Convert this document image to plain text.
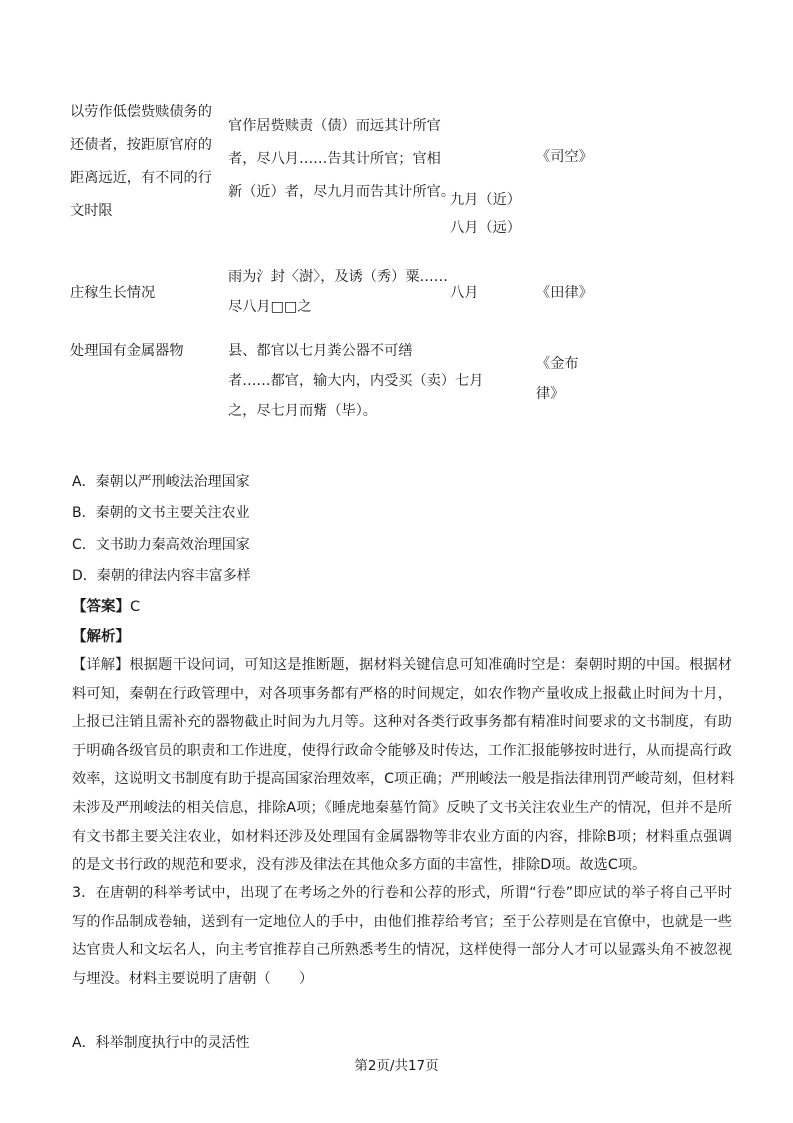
以劳作低偿赀赎债务的
还债者，按距原官府的
距离远近，有不同的行
文时限
官作居赀赎责（债）而远其计所官
者，尽八月……告其计所官；官相
新（近）者，尽九月而告其计所官。
九月（近）
八月（远）
《司空》
庄稼生长情况
雨为氵封〈澍〉，及诱（秀）粟……
尽八月□□之
八月	《田律》
处理国有金属器物	县、都官以七月粪公器不可缮
者……都官，输大内，内受买（卖）七月
之，尽七月而觜（毕）。
《金布
律》
A．秦朝以严刑峻法治理国家
B．秦朝的文书主要关注农业
C．文书助力秦高效治理国家
D．秦朝的律法内容丰富多样
【答案】C
【解析】
【详解】根据题干设问词，可知这是推断题，据材料关键信息可知准确时空是：秦朝时期的中国。根据材
料可知，秦朝在行政管理中，对各项事务都有严格的时间规定，如农作物产量收成上报截止时间为十月，
上报已注销且需补充的器物截止时间为九月等。这种对各类行政事务都有精准时间要求的文书制度，有助
于明确各级官员的职责和工作进度，使得行政命令能够及时传达，工作汇报能够按时进行，从而提高行政
效率，这说明文书制度有助于提高国家治理效率，C项正确；严刑峻法一般是指法律刑罚严峻苛刻，但材料
未涉及严刑峻法的相关信息，排除A项；《睡虎地秦墓竹简》反映了文书关注农业生产的情况，但并不是所
有文书都主要关注农业，如材料还涉及处理国有金属器物等非农业方面的内容，排除B项；材料重点强调
的是文书行政的规范和要求，没有涉及律法在其他众多方面的丰富性，排除D项。故选C项。
3．在唐朝的科举考试中，出现了在考场之外的行卷和公荐的形式，所谓“行卷”即应试的举子将自己平时
写的作品制成卷轴，送到有一定地位人的手中，由他们推荐给考官；至于公荐则是在官僚中，也就是一些
达官贵人和文坛名人，向主考官推荐自己所熟悉考生的情况，这样使得一部分人才可以显露头角不被忽视
与埋没。材料主要说明了唐朝（　　）
A．科举制度执行中的灵活性
第2页/共17页
